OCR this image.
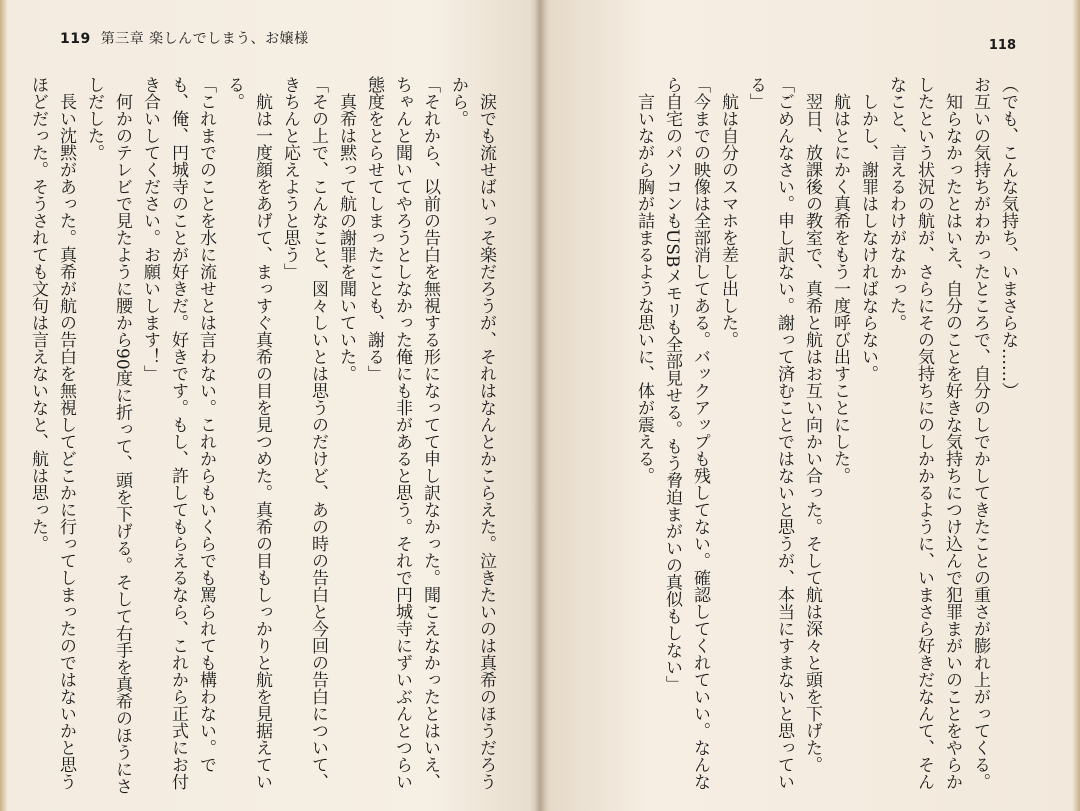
119 第三章 楽しんでしまう、お嬢様

涙でも流せばいっそ楽だろうが、それはなんとかこらえた。泣きたいのは真希のほうだろうから。

「それから、以前の告白を無視する形になってて申し訳なかった。聞こえなかったとはいえ、ちゃんと聞いてやろうとしなかった俺にも非があると思う。それで円城寺にずいぶんとつらい態度をとらせてしまったことも、謝る」

真希は黙って航の謝罪を聞いていた。

「その上で、こんなこと、図々しいとは思うのだけど、あの時の告白と今回の告白について、きちんと応えようと思う」

航は一度顔をあげて、まっすぐ真希の目を見つめた。真希の目もしっかりと航を見据えている。

「これまでのことを水に流せとは言わない。これからもいくらでも罵られても構わない。でも、俺、円城寺のことが好きだ。好きです。もし、許してもらえるなら、これから正式にお付き合いしてください。お願いします！」

何かのテレビで見たように腰から90度に折って、頭を下げる。そして右手を真希のほうにさしだした。

長い沈黙があった。真希が航の告白を無視してどこかに行ってしまったのではないかと思うほどだった。そうされても文句は言えないなと、航は思った。

118

（でも、こんな気持ち、いまさらな……）

お互いの気持ちがわかったところで、自分のしでかしてきたことの重さが膨れ上がってくる。

知らなかったとはいえ、自分のことを好きな気持ちにつけ込んで犯罪まがいのことをやらかしたという状況の航が、さらにその気持ちにのしかかるように、いまさら好きだなんて、そんなこと、言えるわけがなかった。

しかし、謝罪はしなければならない。

航はとにかく真希をもう一度呼び出すことにした。

翌日、放課後の教室で、真希と航はお互い向かい合った。そして航は深々と頭を下げた。

「ごめんなさい。申し訳ない。謝って済むことではないと思うが、本当にすまないと思っている」

航は自分のスマホを差し出した。

「今までの映像は全部消してある。バックアップも残してない。確認してくれていい。なんなら自宅のパソコンもUSBメモリも全部見せる。もう脅迫まがいの真似もしない」

言いながら胸が詰まるような思いに、体が震える。
